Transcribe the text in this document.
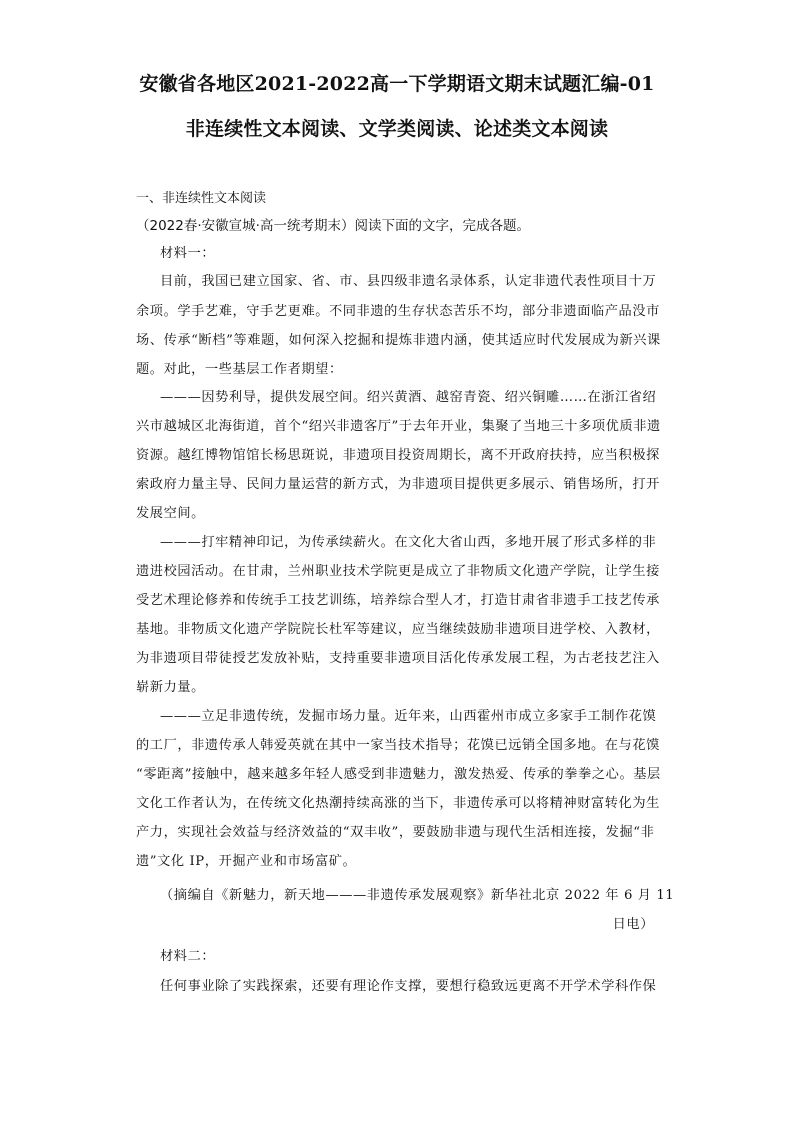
安徽省各地区2021-2022高一下学期语文期末试题汇编-01
非连续性文本阅读、文学类阅读、论述类文本阅读
一、非连续性文本阅读
（2022春·安徽宣城·高一统考期末）阅读下面的文字，完成各题。
材料一：
目前，我国已建立国家、省、市、县四级非遗名录体系，认定非遗代表性项目十万
余项。学手艺难，守手艺更难。不同非遗的生存状态苦乐不均，部分非遗面临产品没市
场、传承“断档”等难题，如何深入挖掘和提炼非遗内涵，使其适应时代发展成为新兴课
题。对此，一些基层工作者期望：
———因势利导，提供发展空间。绍兴黄酒、越窑青瓷、绍兴铜雕……在浙江省绍
兴市越城区北海街道，首个“绍兴非遗客厅”于去年开业，集聚了当地三十多项优质非遗
资源。越红博物馆馆长杨思斑说，非遗项目投资周期长，离不开政府扶持，应当积极探
索政府力量主导、民间力量运营的新方式，为非遗项目提供更多展示、销售场所，打开
发展空间。
———打牢精神印记，为传承续薪火。在文化大省山西，多地开展了形式多样的非
遗进校园活动。在甘肃，兰州职业技术学院更是成立了非物质文化遗产学院，让学生接
受艺术理论修养和传统手工技艺训练，培养综合型人才，打造甘肃省非遗手工技艺传承
基地。非物质文化遗产学院院长杜军等建议，应当继续鼓励非遗项目进学校、入教材，
为非遗项目带徒授艺发放补贴，支持重要非遗项目活化传承发展工程，为古老技艺注入
崭新力量。
———立足非遗传统，发掘市场力量。近年来，山西霍州市成立多家手工制作花馍
的工厂，非遗传承人韩爱英就在其中一家当技术指导；花馍已远销全国多地。在与花馍
“零距离”接触中，越来越多年轻人感受到非遗魅力，激发热爱、传承的拳拳之心。基层
文化工作者认为，在传统文化热潮持续高涨的当下，非遗传承可以将精神财富转化为生
产力，实现社会效益与经济效益的“双丰收”，要鼓励非遗与现代生活相连接，发掘“非
遗”文化 IP，开掘产业和市场富矿。
（摘编自《新魅力，新天地———非遗传承发展观察》新华社北京 2022 年 6 月 11
日电）
材料二：
任何事业除了实践探索，还要有理论作支撑，要想行稳致远更离不开学术学科作保
